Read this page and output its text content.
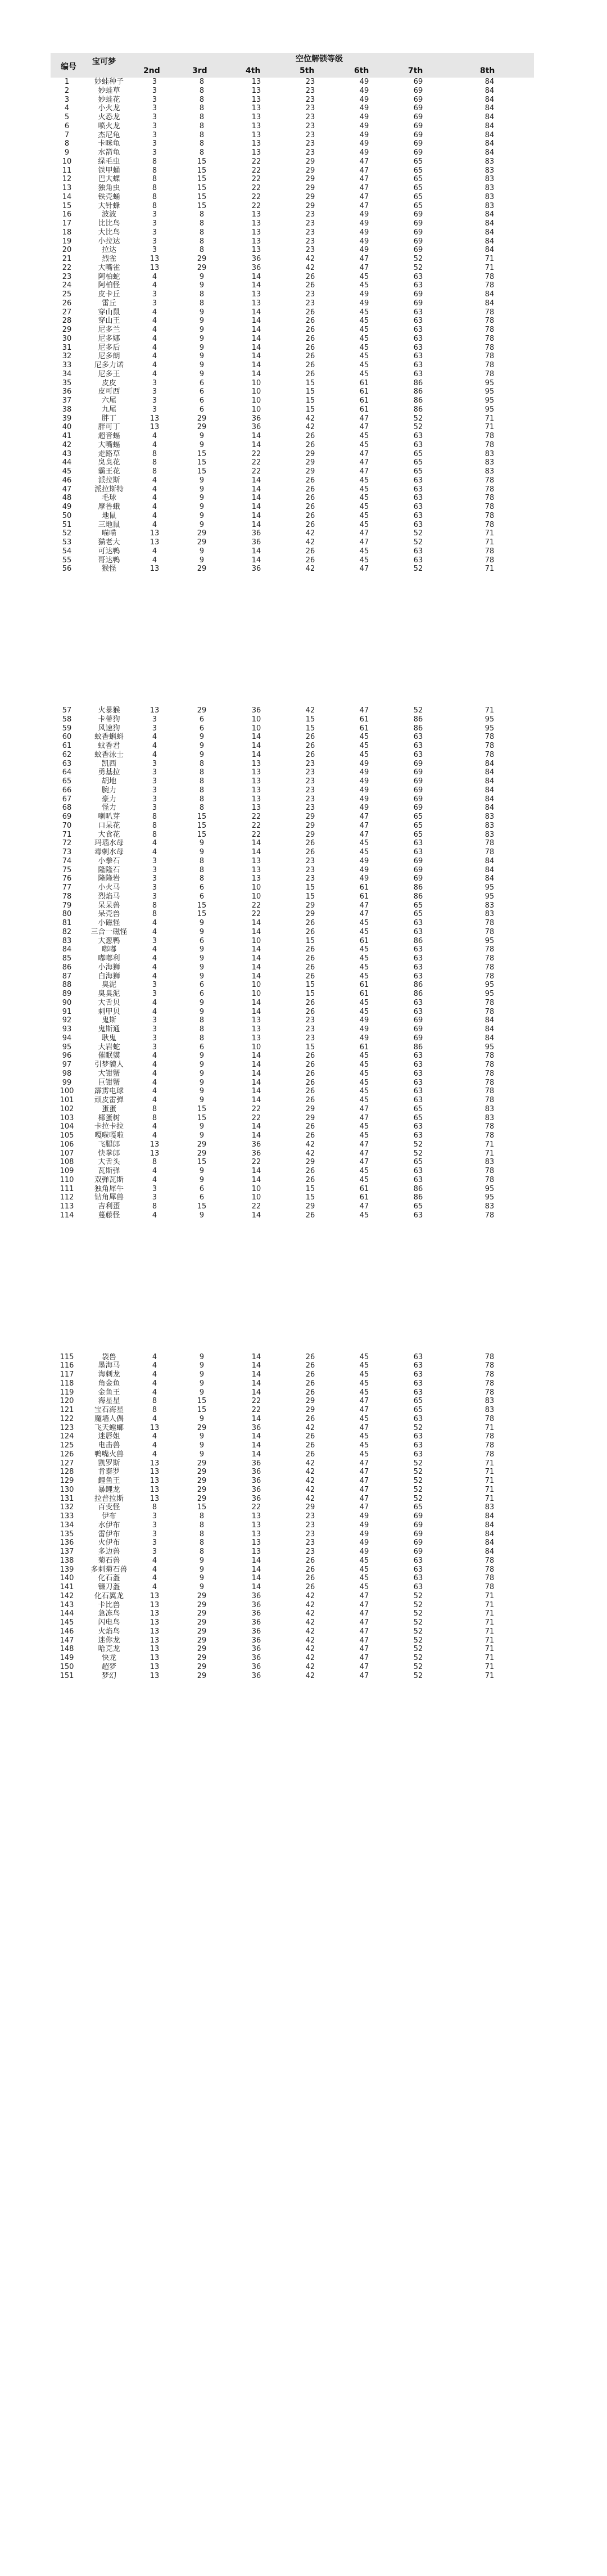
编号
宝可梦	空位解锁等级
2nd	3rd	4th	5th	6th	7th	8th
1	妙蛙种子	3	8	13	23	49	69	84
2	妙蛙草	3	8	13	23	49	69	84
3	妙蛙花	3	8	13	23	49	69	84
4	小火龙	3	8	13	23	49	69	84
5	火恐龙	3	8	13	23	49	69	84
6	喷火龙	3	8	13	23	49	69	84
7	杰尼龟	3	8	13	23	49	69	84
8	卡咪龟	3	8	13	23	49	69	84
9	水箭龟	3	8	13	23	49	69	84
10	绿毛虫	8	15	22	29	47	65	83
11	铁甲蛹	8	15	22	29	47	65	83
12	巴大蝶	8	15	22	29	47	65	83
13	独角虫	8	15	22	29	47	65	83
14	铁壳蛹	8	15	22	29	47	65	83
15	大针蜂	8	15	22	29	47	65	83
16	波波	3	8	13	23	49	69	84
17	比比鸟	3	8	13	23	49	69	84
18	大比鸟	3	8	13	23	49	69	84
19	小拉达	3	8	13	23	49	69	84
20	拉达	3	8	13	23	49	69	84
21	烈雀	13	29	36	42	47	52	71
22	大嘴雀	13	29	36	42	47	52	71
23	阿柏蛇	4	9	14	26	45	63	78
24	阿柏怪	4	9	14	26	45	63	78
25	皮卡丘	3	8	13	23	49	69	84
26	雷丘	3	8	13	23	49	69	84
27	穿山鼠	4	9	14	26	45	63	78
28	穿山王	4	9	14	26	45	63	78
29	尼多兰	4	9	14	26	45	63	78
30	尼多娜	4	9	14	26	45	63	78
31	尼多后	4	9	14	26	45	63	78
32	尼多朗	4	9	14	26	45	63	78
33	尼多力诺	4	9	14	26	45	63	78
34	尼多王	4	9	14	26	45	63	78
35	皮皮	3	6	10	15	61	86	95
36	皮可西	3	6	10	15	61	86	95
37	六尾	3	6	10	15	61	86	95
38	九尾	3	6	10	15	61	86	95
39	胖丁	13	29	36	42	47	52	71
40	胖可丁	13	29	36	42	47	52	71
41	超音蝠	4	9	14	26	45	63	78
42	大嘴蝠	4	9	14	26	45	63	78
43	走路草	8	15	22	29	47	65	83
44	臭臭花	8	15	22	29	47	65	83
45	霸王花	8	15	22	29	47	65	83
46	派拉斯	4	9	14	26	45	63	78
47	派拉斯特	4	9	14	26	45	63	78
48	毛球	4	9	14	26	45	63	78
49	摩鲁蛾	4	9	14	26	45	63	78
50	地鼠	4	9	14	26	45	63	78
51	三地鼠	4	9	14	26	45	63	78
52	喵喵	13	29	36	42	47	52	71
53	猫老大	13	29	36	42	47	52	71
54	可达鸭	4	9	14	26	45	63	78
55	哥达鸭	4	9	14	26	45	63	78
56	猴怪	13	29	36	42	47	52	71

57	火暴猴	13	29	36	42	47	52	71
58	卡蒂狗	3	6	10	15	61	86	95
59	风速狗	3	6	10	15	61	86	95
60	蚊香蝌蚪	4	9	14	26	45	63	78
61	蚊香君	4	9	14	26	45	63	78
62	蚊香泳士	4	9	14	26	45	63	78
63	凯西	3	8	13	23	49	69	84
64	勇基拉	3	8	13	23	49	69	84
65	胡地	3	8	13	23	49	69	84
66	腕力	3	8	13	23	49	69	84
67	豪力	3	8	13	23	49	69	84
68	怪力	3	8	13	23	49	69	84
69	喇叭芽	8	15	22	29	47	65	83
70	口呆花	8	15	22	29	47	65	83
71	大食花	8	15	22	29	47	65	83
72	玛瑙水母	4	9	14	26	45	63	78
73	毒刺水母	4	9	14	26	45	63	78
74	小拳石	3	8	13	23	49	69	84
75	隆隆石	3	8	13	23	49	69	84
76	隆隆岩	3	8	13	23	49	69	84
77	小火马	3	6	10	15	61	86	95
78	烈焰马	3	6	10	15	61	86	95
79	呆呆兽	8	15	22	29	47	65	83
80	呆壳兽	8	15	22	29	47	65	83
81	小磁怪	4	9	14	26	45	63	78
82	三合一磁怪	4	9	14	26	45	63	78
83	大葱鸭	3	6	10	15	61	86	95
84	嘟嘟	4	9	14	26	45	63	78
85	嘟嘟利	4	9	14	26	45	63	78
86	小海狮	4	9	14	26	45	63	78
87	白海狮	4	9	14	26	45	63	78
88	臭泥	3	6	10	15	61	86	95
89	臭臭泥	3	6	10	15	61	86	95
90	大舌贝	4	9	14	26	45	63	78
91	刺甲贝	4	9	14	26	45	63	78
92	鬼斯	3	8	13	23	49	69	84
93	鬼斯通	3	8	13	23	49	69	84
94	耿鬼	3	8	13	23	49	69	84
95	大岩蛇	3	6	10	15	61	86	95
96	催眠貘	4	9	14	26	45	63	78
97	引梦貘人	4	9	14	26	45	63	78
98	大钳蟹	4	9	14	26	45	63	78
99	巨钳蟹	4	9	14	26	45	63	78
100	霹雳电球	4	9	14	26	45	63	78
101	顽皮雷弹	4	9	14	26	45	63	78
102	蛋蛋	8	15	22	29	47	65	83
103	椰蛋树	8	15	22	29	47	65	83
104	卡拉卡拉	4	9	14	26	45	63	78
105	嘎啦嘎啦	4	9	14	26	45	63	78
106	飞腿郎	13	29	36	42	47	52	71
107	快拳郎	13	29	36	42	47	52	71
108	大舌头	8	15	22	29	47	65	83
109	瓦斯弹	4	9	14	26	45	63	78
110	双弹瓦斯	4	9	14	26	45	63	78
111	独角犀牛	3	6	10	15	61	86	95
112	钻角犀兽	3	6	10	15	61	86	95
113	吉利蛋	8	15	22	29	47	65	83
114	蔓藤怪	4	9	14	26	45	63	78

115	袋兽	4	9	14	26	45	63	78
116	墨海马	4	9	14	26	45	63	78
117	海刺龙	4	9	14	26	45	63	78
118	角金鱼	4	9	14	26	45	63	78
119	金鱼王	4	9	14	26	45	63	78
120	海星星	8	15	22	29	47	65	83
121	宝石海星	8	15	22	29	47	65	83
122	魔墙人偶	4	9	14	26	45	63	78
123	飞天螳螂	13	29	36	42	47	52	71
124	迷唇姐	4	9	14	26	45	63	78
125	电击兽	4	9	14	26	45	63	78
126	鸭嘴火兽	4	9	14	26	45	63	78
127	凯罗斯	13	29	36	42	47	52	71
128	肯泰罗	13	29	36	42	47	52	71
129	鲤鱼王	13	29	36	42	47	52	71
130	暴鲤龙	13	29	36	42	47	52	71
131	拉普拉斯	13	29	36	42	47	52	71
132	百变怪	8	15	22	29	47	65	83
133	伊布	3	8	13	23	49	69	84
134	水伊布	3	8	13	23	49	69	84
135	雷伊布	3	8	13	23	49	69	84
136	火伊布	3	8	13	23	49	69	84
137	多边兽	3	8	13	23	49	69	84
138	菊石兽	4	9	14	26	45	63	78
139	多刺菊石兽	4	9	14	26	45	63	78
140	化石盔	4	9	14	26	45	63	78
141	镰刀盔	4	9	14	26	45	63	78
142	化石翼龙	13	29	36	42	47	52	71
143	卡比兽	13	29	36	42	47	52	71
144	急冻鸟	13	29	36	42	47	52	71
145	闪电鸟	13	29	36	42	47	52	71
146	火焰鸟	13	29	36	42	47	52	71
147	迷你龙	13	29	36	42	47	52	71
148	哈克龙	13	29	36	42	47	52	71
149	快龙	13	29	36	42	47	52	71
150	超梦	13	29	36	42	47	52	71
151	梦幻	13	29	36	42	47	52	71
